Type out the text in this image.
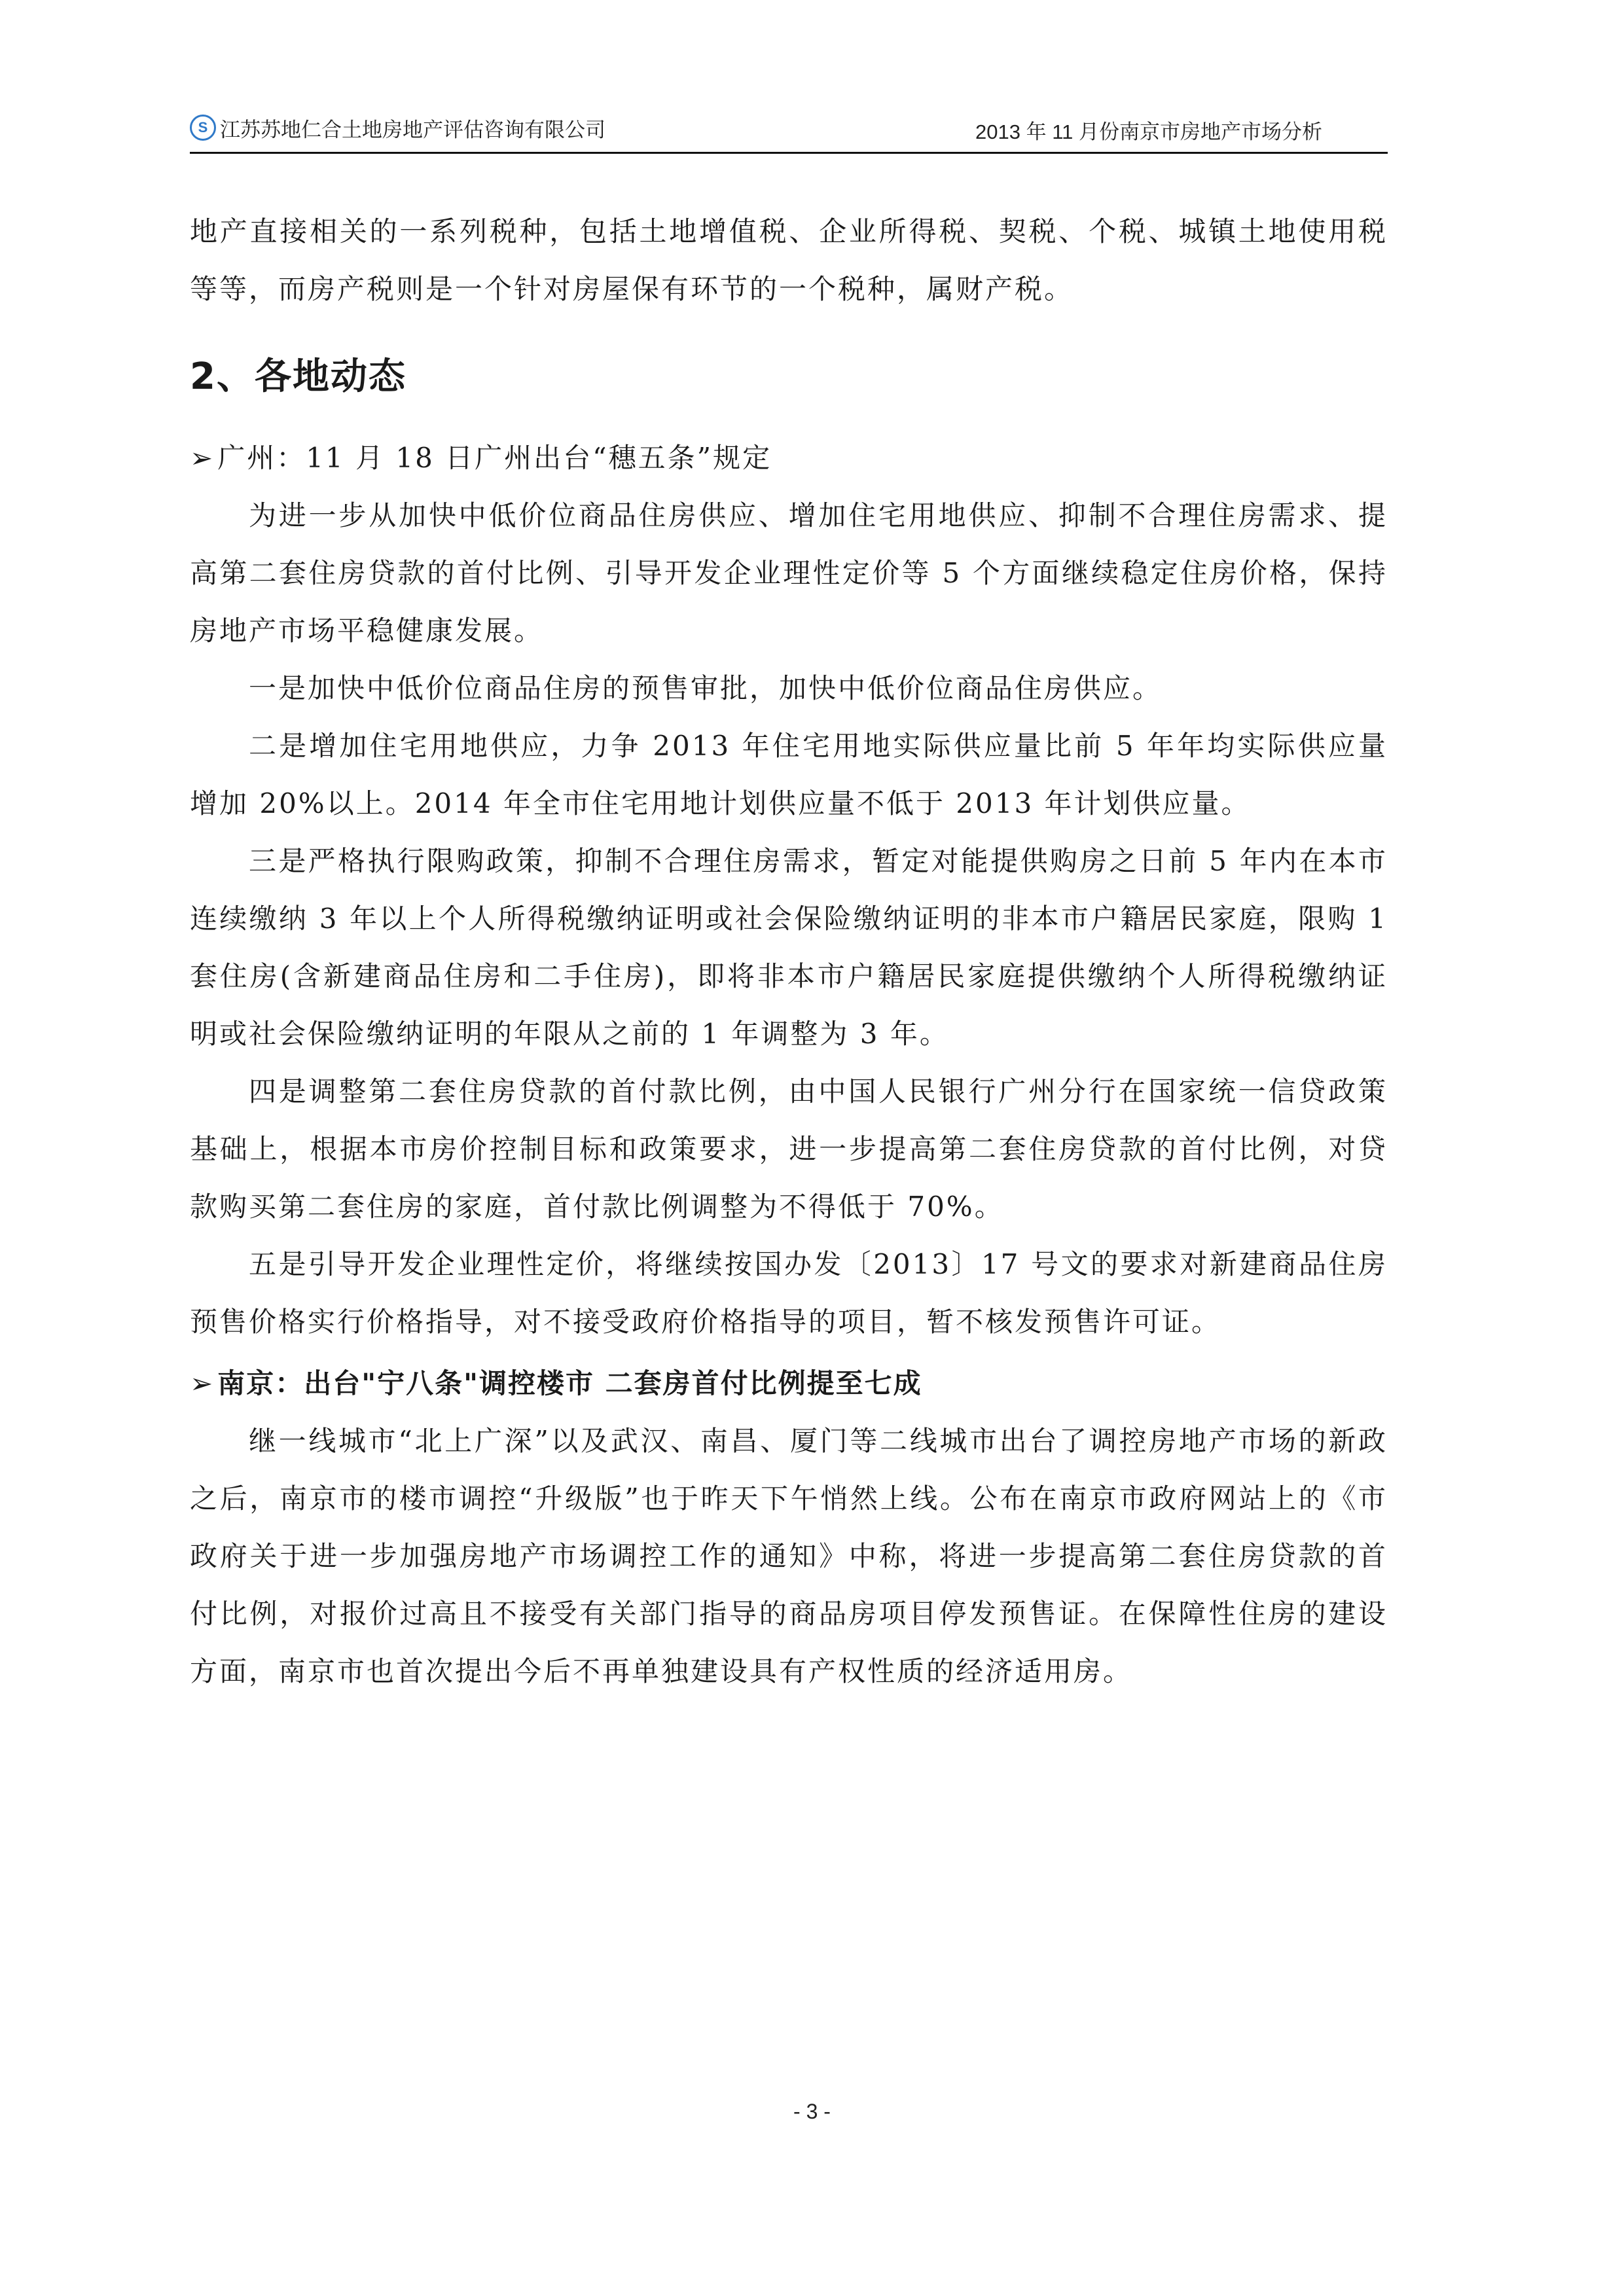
S 江苏苏地仁合土地房地产评估咨询有限公司	2013 年 11 月份南京市房地产市场分析

地产直接相关的一系列税种，包括土地增值税、企业所得税、契税、个税、城镇土地使用税等等，而房产税则是一个针对房屋保有环节的一个税种，属财产税。

2、各地动态
➢广州：11 月 18 日广州出台“穗五条”规定

为进一步从加快中低价位商品住房供应、增加住宅用地供应、抑制不合理住房需求、提高第二套住房贷款的首付比例、引导开发企业理性定价等 5 个方面继续稳定住房价格，保持房地产市场平稳健康发展。

一是加快中低价位商品住房的预售审批，加快中低价位商品住房供应。

二是增加住宅用地供应，力争 2013 年住宅用地实际供应量比前 5 年年均实际供应量增加 20%以上。2014 年全市住宅用地计划供应量不低于 2013 年计划供应量。

三是严格执行限购政策，抑制不合理住房需求，暂定对能提供购房之日前 5 年内在本市连续缴纳 3 年以上个人所得税缴纳证明或社会保险缴纳证明的非本市户籍居民家庭，限购 1 套住房(含新建商品住房和二手住房)，即将非本市户籍居民家庭提供缴纳个人所得税缴纳证明或社会保险缴纳证明的年限从之前的 1 年调整为 3 年。

四是调整第二套住房贷款的首付款比例，由中国人民银行广州分行在国家统一信贷政策基础上，根据本市房价控制目标和政策要求，进一步提高第二套住房贷款的首付比例，对贷款购买第二套住房的家庭，首付款比例调整为不得低于 70%。

五是引导开发企业理性定价，将继续按国办发〔2013〕17 号文的要求对新建商品住房预售价格实行价格指导，对不接受政府价格指导的项目，暂不核发预售许可证。

➢南京：出台"宁八条"调控楼市 二套房首付比例提至七成

继一线城市“北上广深”以及武汉、南昌、厦门等二线城市出台了调控房地产市场的新政之后，南京市的楼市调控“升级版”也于昨天下午悄然上线。公布在南京市政府网站上的《市政府关于进一步加强房地产市场调控工作的通知》中称，将进一步提高第二套住房贷款的首付比例，对报价过高且不接受有关部门指导的商品房项目停发预售证。在保障性住房的建设方面，南京市也首次提出今后不再单独建设具有产权性质的经济适用房。

- 3 -
